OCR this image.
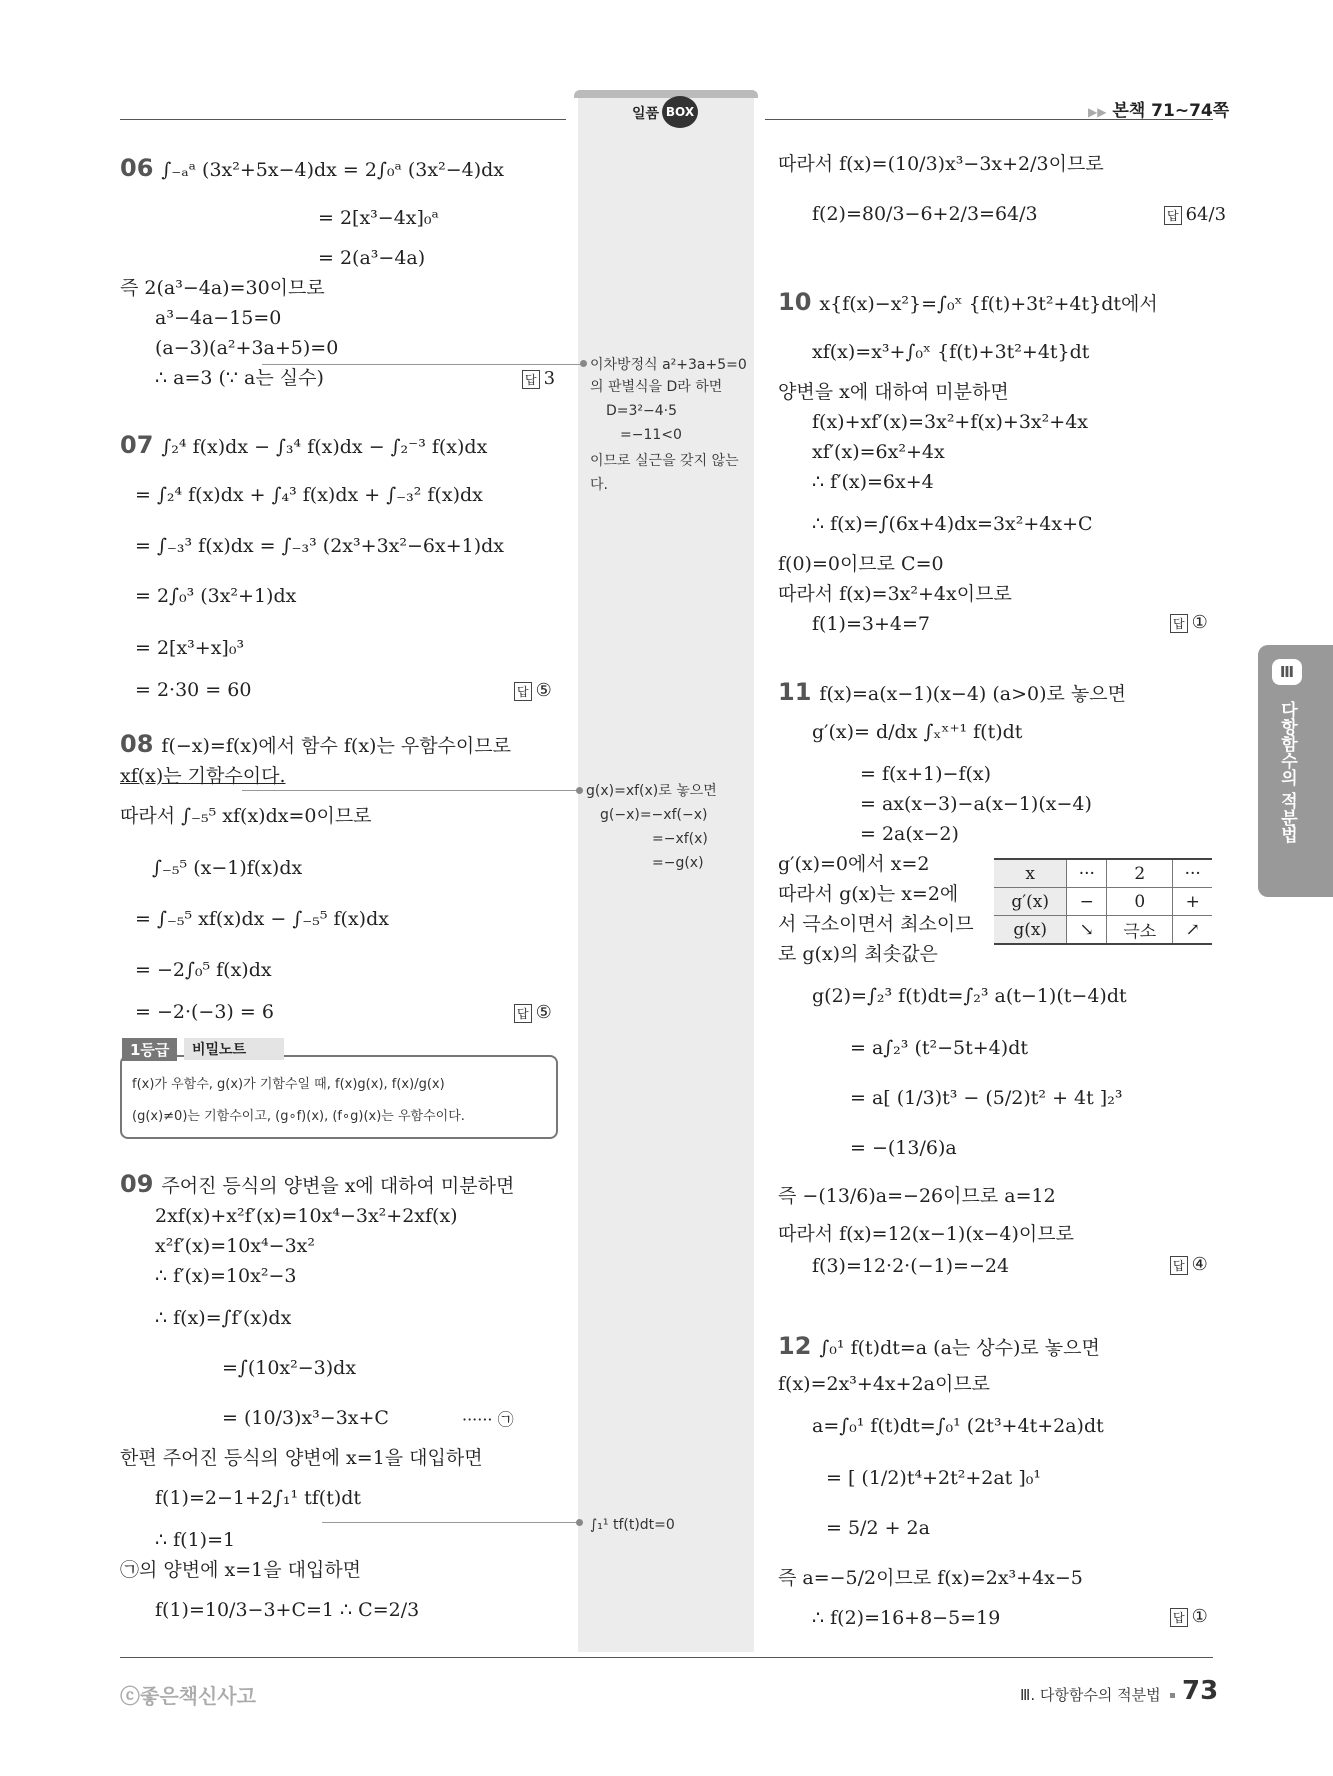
일품 BOX	▶▶ 본책 71~74쪽
06 ∫₋ₐᵃ (3x²+5x−4)dx = 2∫₀ᵃ (3x²−4)dx
= 2[x³−4x]₀ᵃ
= 2(a³−4a)
즉 2(a³−4a)=30이므로
a³−4a−15=0
(a−3)(a²+3a+5)=0
∴ a=3 (∵ a는 실수)	답 3
이차방정식 a²+3a+5=0
의 판별식을 D라 하면
D=3²−4·5
=−11<0
이므로 실근을 갖지 않는
다.
07 ∫₂⁴ f(x)dx − ∫₃⁴ f(x)dx − ∫₂⁻³ f(x)dx
= ∫₂⁴ f(x)dx + ∫₄³ f(x)dx + ∫₋₃² f(x)dx
= ∫₋₃³ f(x)dx = ∫₋₃³ (2x³+3x²−6x+1)dx
= 2∫₀³ (3x²+1)dx
= 2[x³+x]₀³
= 2·30 = 60	답 ⑤
08 f(−x)=f(x)에서 함수 f(x)는 우함수이므로
xf(x)는 기함수이다.
따라서 ∫₋₅⁵ xf(x)dx=0이므로
∫₋₅⁵ (x−1)f(x)dx
= ∫₋₅⁵ xf(x)dx − ∫₋₅⁵ f(x)dx
= −2∫₀⁵ f(x)dx
= −2·(−3) = 6	답 ⑤
g(x)=xf(x)로 놓으면
g(−x)=−xf(−x)
=−xf(x)
=−g(x)
1등급	비밀노트
f(x)가 우함수, g(x)가 기함수일 때, f(x)g(x), f(x)/g(x)
(g(x)≠0)는 기함수이고, (g∘f)(x), (f∘g)(x)는 우함수이다.
09 주어진 등식의 양변을 x에 대하여 미분하면
2xf(x)+x²f′(x)=10x⁴−3x²+2xf(x)
x²f′(x)=10x⁴−3x²
∴ f′(x)=10x²−3
∴ f(x)=∫f′(x)dx
=∫(10x²−3)dx
= (10/3)x³−3x+C	······ ㉠
한편 주어진 등식의 양변에 x=1을 대입하면
f(1)=2−1+2∫₁¹ tf(t)dt
∴ f(1)=1
㉠의 양변에 x=1을 대입하면
f(1)=10/3−3+C=1 ∴ C=2/3
∫₁¹ tf(t)dt=0
따라서 f(x)=(10/3)x³−3x+2/3이므로
f(2)=80/3−6+2/3=64/3	답 64/3
10 x{f(x)−x²}=∫₀ˣ {f(t)+3t²+4t}dt에서
xf(x)=x³+∫₀ˣ {f(t)+3t²+4t}dt
양변을 x에 대하여 미분하면
f(x)+xf′(x)=3x²+f(x)+3x²+4x
xf′(x)=6x²+4x
∴ f′(x)=6x+4
∴ f(x)=∫(6x+4)dx=3x²+4x+C
f(0)=0이므로 C=0
따라서 f(x)=3x²+4x이므로
f(1)=3+4=7	답 ①
11 f(x)=a(x−1)(x−4) (a>0)로 놓으면
g′(x)= d/dx ∫ₓˣ⁺¹ f(t)dt
= f(x+1)−f(x)
= ax(x−3)−a(x−1)(x−4)
= 2a(x−2)
g′(x)=0에서 x=2
따라서 g(x)는 x=2에
서 극소이면서 최소이므
로 g(x)의 최솟값은
x	···	2	···
g′(x)	−	0	+
g(x)	↘	극소	↗
g(2)=∫₂³ f(t)dt=∫₂³ a(t−1)(t−4)dt
= a∫₂³ (t²−5t+4)dt
= a[ (1/3)t³ − (5/2)t² + 4t ]₂³
= −(13/6)a
즉 −(13/6)a=−26이므로 a=12
따라서 f(x)=12(x−1)(x−4)이므로
f(3)=12·2·(−1)=−24	답 ④
12 ∫₀¹ f(t)dt=a (a는 상수)로 놓으면
f(x)=2x³+4x+2a이므로
a=∫₀¹ f(t)dt=∫₀¹ (2t³+4t+2a)dt
= [ (1/2)t⁴+2t²+2at ]₀¹
= 5/2 + 2a
즉 a=−5/2이므로 f(x)=2x³+4x−5
∴ f(2)=16+8−5=19	답 ①
Ⅲ
다항함수의 적분법
ⓒ좋은책신사고	Ⅲ. 다항함수의 적분법 73
